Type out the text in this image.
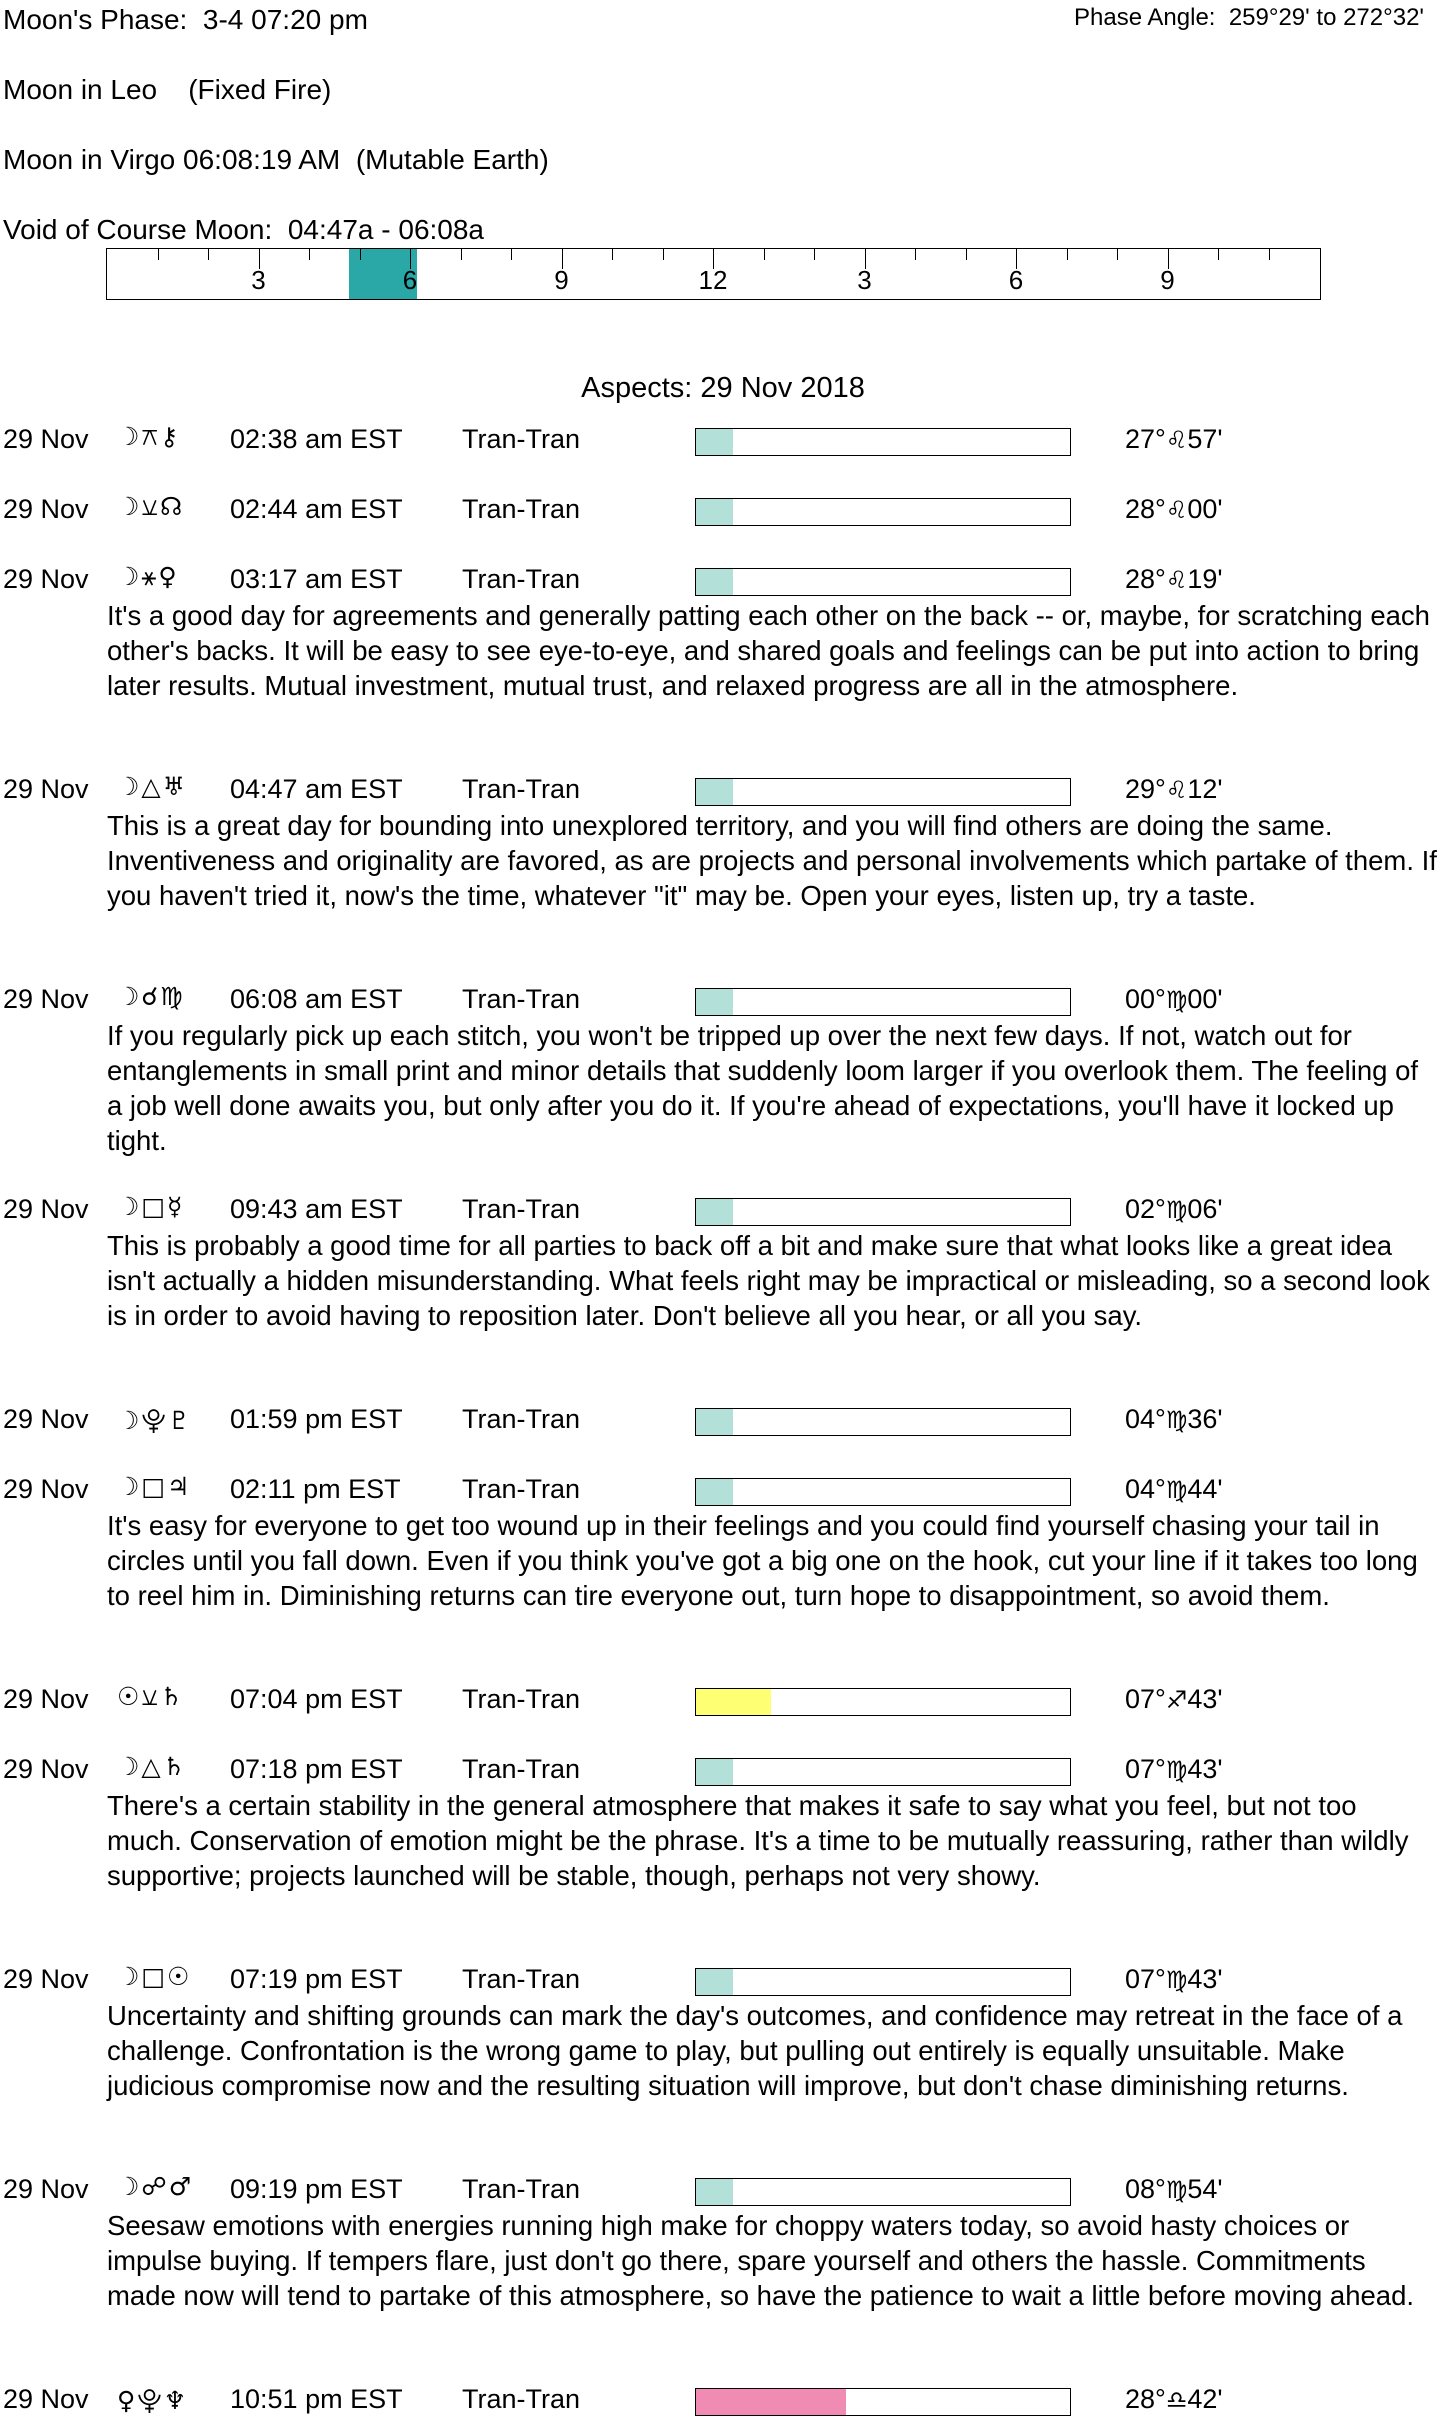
Moon's Phase: 3-4 07:20 pm	Phase Angle: 259°29' to 272°32'
Moon in Leo (Fixed Fire)
Moon in Virgo 06:08:19 AM (Mutable Earth)
Void of Course Moon: 04:47a - 06:08a
3	6	9	12	3	6	9
Aspects: 29 Nov 2018
29 Nov ☽⚻⚷ 02:38 am EST Tran-Tran	27°♌57'
29 Nov ☽⚺☊ 02:44 am EST Tran-Tran	28°♌00'
29 Nov ☽⚹♀ 03:17 am EST Tran-Tran	28°♌19'
It's a good day for agreements and generally patting each other on the back -- or, maybe, for scratching each other's backs. It will be easy to see eye-to-eye, and shared goals and feelings can be put into action to bring later results. Mutual investment, mutual trust, and relaxed progress are all in the atmosphere.
29 Nov ☽△♅ 04:47 am EST Tran-Tran	29°♌12'
This is a great day for bounding into unexplored territory, and you will find others are doing the same. Inventiveness and originality are favored, as are projects and personal involvements which partake of them. If you haven't tried it, now's the time, whatever "it" may be. Open your eyes, listen up, try a taste.
29 Nov ☽☌♍ 06:08 am EST Tran-Tran	00°♍00'
If you regularly pick up each stitch, you won't be tripped up over the next few days. If not, watch out for entanglements in small print and minor details that suddenly loom larger if you overlook them. The feeling of a job well done awaits you, but only after you do it. If you're ahead of expectations, you'll have it locked up tight.
29 Nov ☽□☿ 09:43 am EST Tran-Tran	02°♍06'
This is probably a good time for all parties to back off a bit and make sure that what looks like a great idea isn't actually a hidden misunderstanding. What feels right may be impractical or misleading, so a second look is in order to avoid having to reposition later. Don't believe all you hear, or all you say.
29 Nov ☽⯓♇ 01:59 pm EST Tran-Tran	04°♍36'
29 Nov ☽□♃ 02:11 pm EST Tran-Tran	04°♍44'
It's easy for everyone to get too wound up in their feelings and you could find yourself chasing your tail in circles until you fall down. Even if you think you've got a big one on the hook, cut your line if it takes too long to reel him in. Diminishing returns can tire everyone out, turn hope to disappointment, so avoid them.
29 Nov ☉⚺♄ 07:04 pm EST Tran-Tran	07°♐43'
29 Nov ☽△♄ 07:18 pm EST Tran-Tran	07°♍43'
There's a certain stability in the general atmosphere that makes it safe to say what you feel, but not too much. Conservation of emotion might be the phrase. It's a time to be mutually reassuring, rather than wildly supportive; projects launched will be stable, though, perhaps not very showy.
29 Nov ☽□☉ 07:19 pm EST Tran-Tran	07°♍43'
Uncertainty and shifting grounds can mark the day's outcomes, and confidence may retreat in the face of a challenge. Confrontation is the wrong game to play, but pulling out entirely is equally unsuitable. Make judicious compromise now and the resulting situation will improve, but don't chase diminishing returns.
29 Nov ☽☍♂ 09:19 pm EST Tran-Tran	08°♍54'
Seesaw emotions with energies running high make for choppy waters today, so avoid hasty choices or impulse buying. If tempers flare, just don't go there, spare yourself and others the hassle. Commitments made now will tend to partake of this atmosphere, so have the patience to wait a little before moving ahead.
29 Nov ♀⯓♆ 10:51 pm EST Tran-Tran	28°♎42'
